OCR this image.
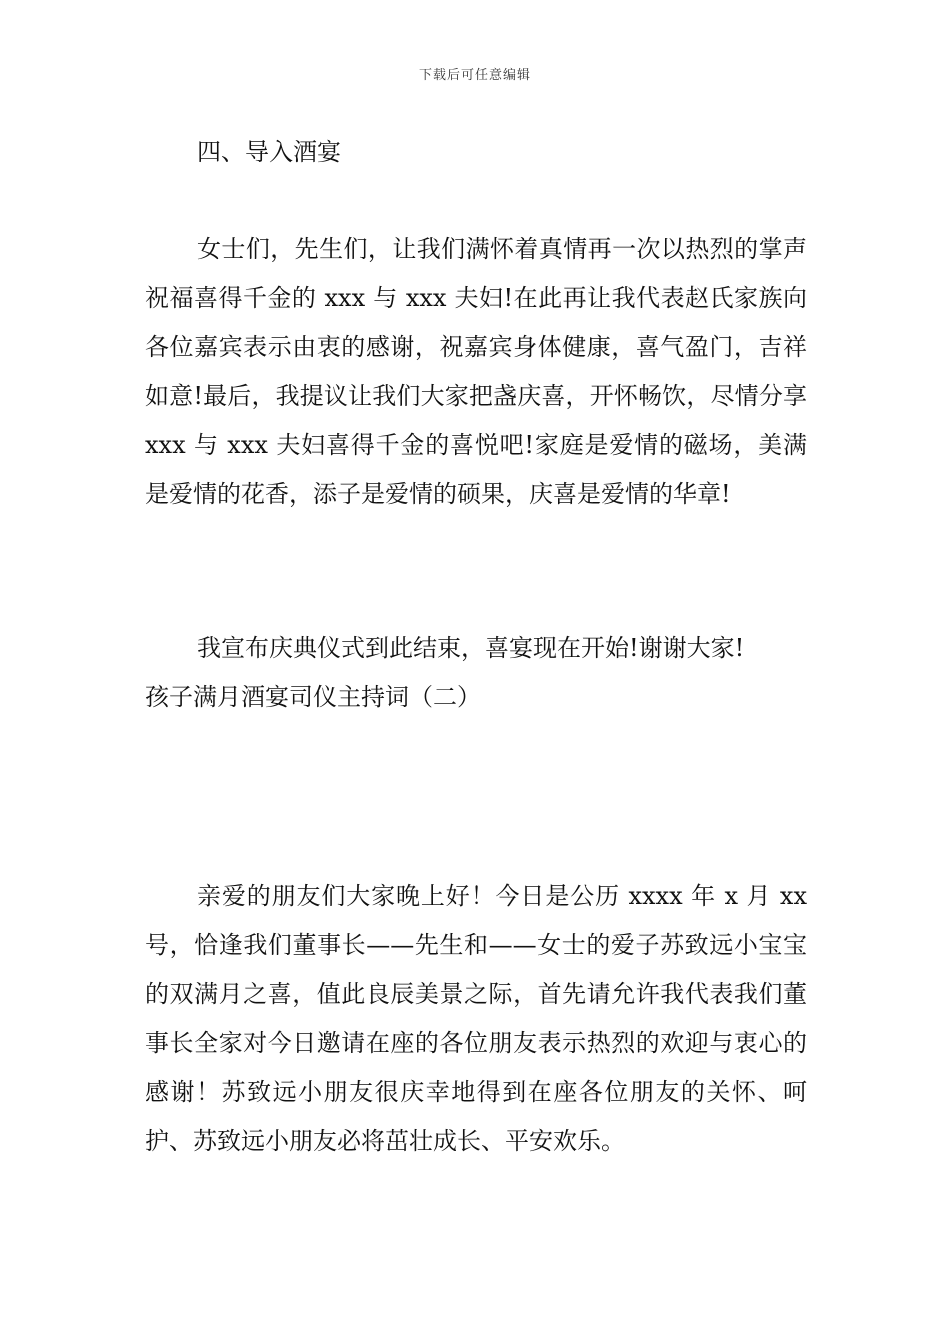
下载后可任意编辑

四、导入酒宴

女士们，先生们，让我们满怀着真情再一次以热烈的掌声祝福喜得千金的 xxx 与 xxx 夫妇!在此再让我代表赵氏家族向各位嘉宾表示由衷的感谢，祝嘉宾身体健康，喜气盈门，吉祥如意!最后，我提议让我们大家把盏庆喜，开怀畅饮，尽情分享 xxx 与 xxx 夫妇喜得千金的喜悦吧!家庭是爱情的磁场，美满是爱情的花香，添子是爱情的硕果，庆喜是爱情的华章!

我宣布庆典仪式到此结束，喜宴现在开始!谢谢大家!

孩子满月酒宴司仪主持词（二）

亲爱的朋友们大家晚上好！今日是公历 xxxx 年 x 月 xx 号，恰逢我们董事长——先生和——女士的爱子苏致远小宝宝的双满月之喜，值此良辰美景之际，首先请允许我代表我们董事长全家对今日邀请在座的各位朋友表示热烈的欢迎与衷心的感谢！苏致远小朋友很庆幸地得到在座各位朋友的关怀、呵护、苏致远小朋友必将茁壮成长、平安欢乐。
